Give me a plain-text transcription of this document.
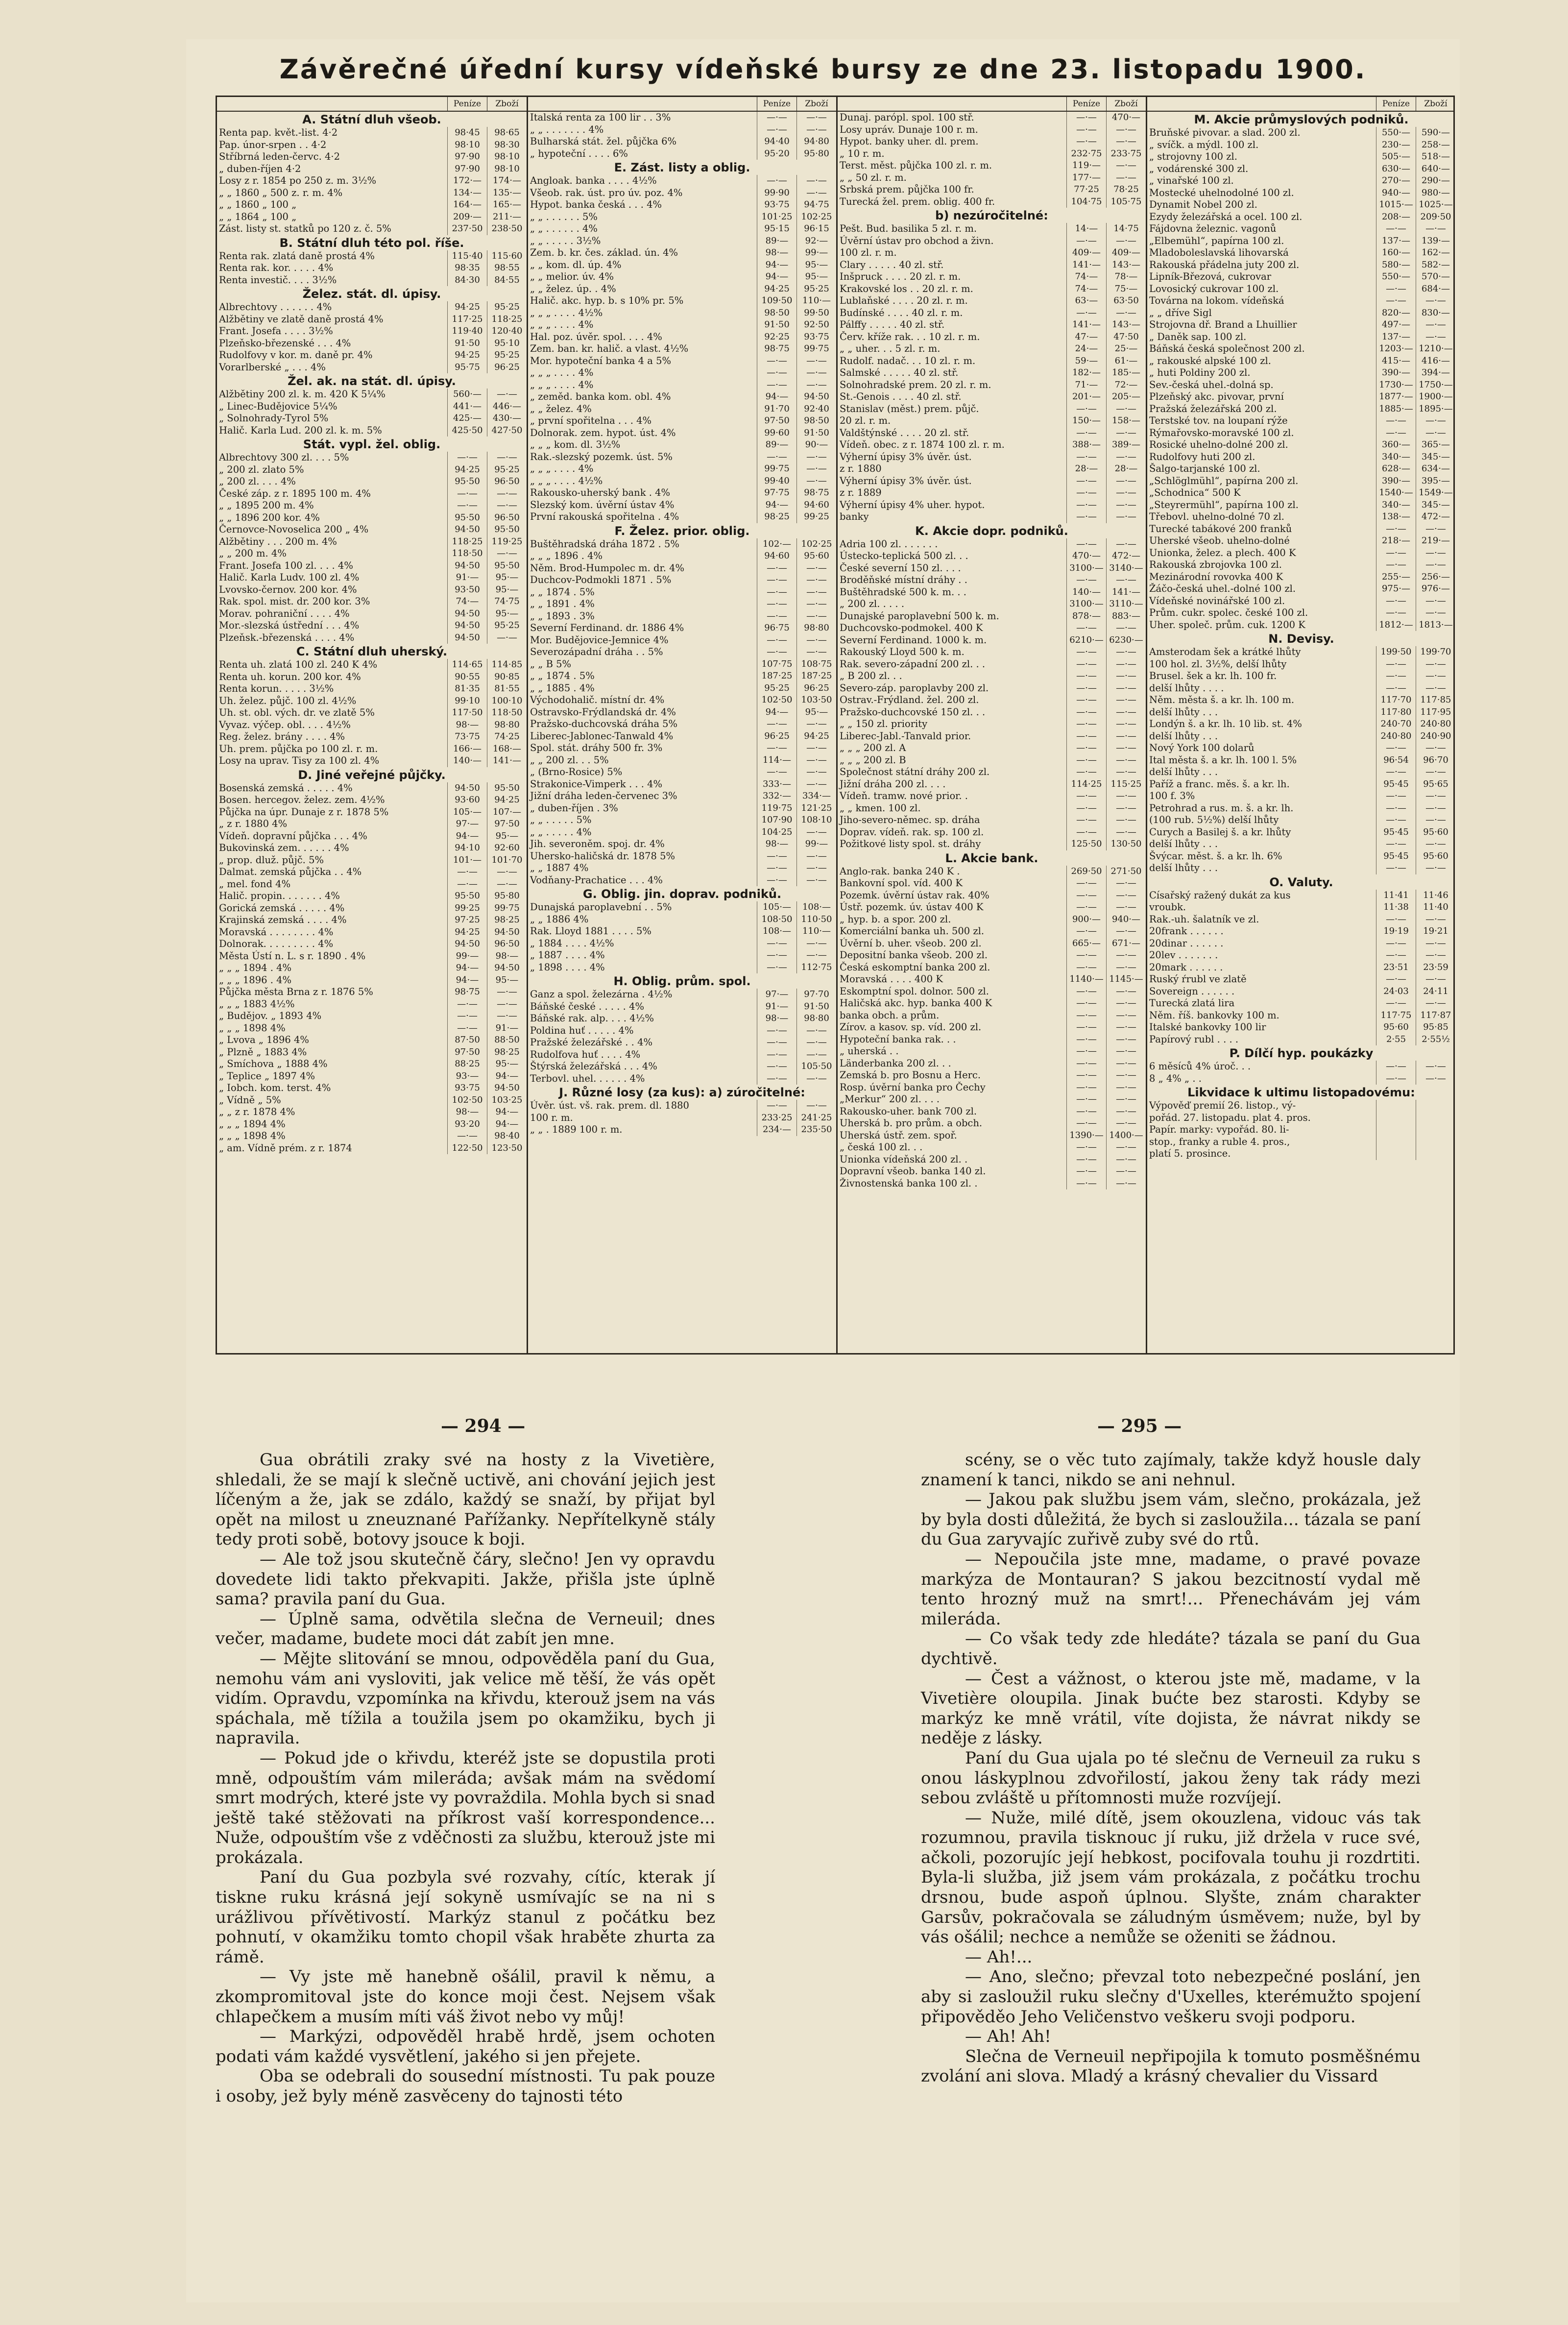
Závěrečné úřední kursy vídeňské bursy ze dne 23. listopadu 1900.
Peníze	Zboží
A. Státní dluh všeob.
Renta pap. květ.-list. 4·2	98·45	98·65
Pap. únor-srpen . . 4·2	98·10	98·30
Stříbrná leden-červc. 4·2	97·90	98·10
„ duben-říjen 4·2	97·90	98·10
Losy z r. 1854 po 250 z. m. 3½%	172·—	174·—
„ „ 1860 „ 500 z. r. m. 4%	134·—	135·—
„ „ 1860 „ 100 „	164·—	165·—
„ „ 1864 „ 100 „	209·—	211·—
Zást. listy st. statků po 120 z. č. 5%	237·50	238·50
B. Státní dluh této pol. říše.
Renta rak. zlatá daně prostá 4%	115·40	115·60
Renta rak. kor. . . . . 4%	98·35	98·55
Renta investič. . . . 3½%	84·30	84·55
Želez. stát. dl. úpisy.
Albrechtovy . . . . . . 4%	94·25	95·25
Alžbětiny ve zlatě daně prostá 4%	117·25	118·25
Frant. Josefa . . . . 3½%	119·40	120·40
Plzeňsko-březenské . . . 4%	91·50	95·10
Rudolfovy v kor. m. daně pr. 4%	94·25	95·25
Vorarlberské „ . . . 4%	95·75	96·25
Žel. ak. na stát. dl. úpisy.
Alžbětiny 200 zl. k. m. 420 K 5¼%	560·—	—·—
„ Linec-Budějovice 5¼%	441·—	446·—
„ Solnohrady-Tyrol 5%	425·—	430·—
Halič. Karla Lud. 200 zl. k. m. 5%	425·50	427·50
Stát. vypl. žel. oblig.
Albrechtovy 300 zl. . . . 5%	—·—	—·—
„ 200 zl. zlato 5%	94·25	95·25
„ 200 zl. . . . 4%	95·50	96·50
České záp. z r. 1895 100 m. 4%	—·—	—·—
„ „ 1895 200 m. 4%	—·—	—·—
„ „ 1896 200 kor. 4%	95·50	96·50
Černovce-Novoselica 200 „ 4%	94·50	95·50
Alžbětiny . . . 200 m. 4%	118·25	119·25
„ „ 200 m. 4%	118·50	—·—
Frant. Josefa 100 zl. . . . 4%	94·50	95·50
Halič. Karla Ludv. 100 zl. 4%	91·—	95·—
Lvovsko-černov. 200 kor. 4%	93·50	95·—
Rak. spol. mist. dr. 200 kor. 3%	74·—	74·75
Morav. pohraniční . . . . 4%	94·50	95·—
Mor.-slezská ústřední . . . 4%	94·50	95·25
Plzeňsk.-březenská . . . . 4%	94·50	—·—
C. Státní dluh uherský.
Renta uh. zlatá 100 zl. 240 K 4%	114·65	114·85
Renta uh. korun. 200 kor. 4%	90·55	90·85
Renta korun. . . . . 3½%	81·35	81·55
Uh. želez. půjč. 100 zl. 4½%	99·10	100·10
Uh. st. obl. vých. dr. ve zlatě 5%	117·50	118·50
Vyvaz. výčep. obl. . . . 4½%	98·—	98·80
Reg. želez. brány . . . . 4%	73·75	74·25
Uh. prem. půjčka po 100 zl. r. m.	166·—	168·—
Losy na uprav. Tisy za 100 zl. 4%	140·—	141·—
D. Jiné veřejné půjčky.
Bosenská zemská . . . . . 4%	94·50	95·50
Bosen. hercegov. želez. zem. 4½%	93·60	94·25
Půjčka na úpr. Dunaje z r. 1878 5%	105·—	107·—
„ z r. 1880 4%	97·—	97·50
Vídeň. dopravní půjčka . . . 4%	94·—	95·—
Bukovinská zem. . . . . . 4%	94·10	92·60
„ prop. dluž. půjč. 5%	101·—	101·70
Dalmat. zemská půjčka . . 4%	—·—	—·—
„ mel. fond 4%	—·—	—·—
Halič. propin. . . . . . . 4%	95·50	95·80
Gorická zemská . . . . . 4%	99·25	99·75
Krajinská zemská . . . . 4%	97·25	98·25
Moravská . . . . . . . . 4%	94·25	94·50
Dolnorak. . . . . . . . . 4%	94·50	96·50
Města Ústí n. L. s r. 1890 . 4%	99·—	98·—
„ „ „ 1894 . 4%	94·—	94·50
„ „ „ 1896 . 4%	94·—	95·—
Půjčka města Brna z r. 1876 5%	98·75	—·—
„ „ „ 1883 4½%	—·—	—·—
„ Budějov. „ 1893 4%	—·—	—·—
„ „ „ 1898 4%	—·—	91·—
„ Lvova „ 1896 4%	87·50	88·50
„ Plzně „ 1883 4%	97·50	98·25
„ Smíchova „ 1888 4%	88·25	95·—
„ Teplice „ 1897 4%	93·—	94·—
„ Iobch. kom. terst. 4%	93·75	94·50
„ Vídně „ 5%	102·50	103·25
„ „ z r. 1878 4%	98·—	94·—
„ „ „ 1894 4%	93·20	94·—
„ „ „ 1898 4%	—·—	98·40
„ am. Vídně prém. z r. 1874	122·50	123·50
Peníze	Zboží
Italská renta za 100 lir . . 3%	—·—	—·—
„ „ . . . . . . . 4%	—·—	—·—
Bulharská stát. žel. půjčka 6%	94·40	94·80
„ hypoteční . . . . 6%	95·20	95·80
E. Zást. listy a oblig.
Angloak. banka . . . . 4½%	—·—	—·—
Všeob. rak. úst. pro úv. poz. 4%	99·90	—·—
Hypot. banka česká . . . 4%	93·75	94·75
„ „ . . . . . . 5%	101·25	102·25
„ „ . . . . . . 4%	95·15	96·15
„ „ . . . . . 3½%	89·—	92·—
Zem. b. kr. čes. základ. ún. 4%	98·—	99·—
„ „ kom. dl. úp. 4%	94·—	95·—
„ „ melior. úv. 4%	94·—	95·—
„ „ želez. úp. . 4%	94·25	95·25
Halič. akc. hyp. b. s 10% pr. 5%	109·50	110·—
„ „ „ . . . . 4½%	98·50	99·50
„ „ „ . . . . 4%	91·50	92·50
Hal. poz. úvěr. spol. . . . 4%	92·25	93·75
Zem. ban. kr. halič. a vlast. 4½%	98·75	99·75
Mor. hypoteční banka 4 a 5%	—·—	—·—
„ „ „ . . . . 4%	—·—	—·—
„ „ „ . . . . 4%	—·—	—·—
„ zeměd. banka kom. obl. 4%	94·—	94·50
„ „ želez. 4%	91·70	92·40
„ první spořitelna . . . 4%	97·50	98·50
Dolnorak. zem. hypot. úst. 4%	99·60	91·50
„ „ „ kom. dl. 3½%	89·—	90·—
Rak.-slezský pozemk. úst. 5%	—·—	—·—
„ „ „ . . . . 4%	99·75	—·—
„ „ „ . . . . 4½%	99·40	—·—
Rakousko-uherský bank . 4%	97·75	98·75
Slezský kom. úvěrní ústav 4%	94·—	94·60
První rakouská spořitelna . 4%	98·25	99·25
F. Želez. prior. oblig.
Buštěhradská dráha 1872 . 5%	102·—	102·25
„ „ „ 1896 . 4%	94·60	95·60
Něm. Brod-Humpolec m. dr. 4%	—·—	—·—
Duchcov-Podmokli 1871 . 5%	—·—	—·—
„ „ 1874 . 5%	—·—	—·—
„ „ 1891 . 4%	—·—	—·—
„ „ 1893 . 3%	—·—	—·—
Severní Ferdinand. dr. 1886 4%	96·75	98·80
Mor. Budějovice-Jemnice 4%	—·—	—·—
Severozápadní dráha . . 5%	—·—	—·—
„ „ B 5%	107·75	108·75
„ „ 1874 . 5%	187·25	187·25
„ „ 1885 . 4%	95·25	96·25
Východohalič. místní dr. 4%	102·50	103·50
Ostravsko-Frýdlandská dr. 4%	94·—	95·—
Pražsko-duchcovská dráha 5%	—·—	—·—
Liberec-Jablonec-Tanwald 4%	96·25	94·25
Spol. stát. dráhy 500 fr. 3%	—·—	—·—
„ „ 200 zl. . . 5%	114·—	—·—
„ (Brno-Rosice) 5%	—·—	—·—
Strakonice-Vimperk . . . 4%	333·—	—·—
Jižní dráha leden-červenec 3%	332·—	334·—
„ duben-říjen . 3%	119·75	121·25
„ „ . . . . . 5%	107·90	108·10
„ „ . . . . . 4%	104·25	—·—
Jih. severoněm. spoj. dr. 4%	98·—	99·—
Uhersko-haličská dr. 1878 5%	—·—	—·—
„ „ 1887 4%	—·—	—·—
Vodňany-Prachatice . . . 4%	—·—	—·—
G. Oblig. jin. doprav. podniků.
Dunajská paroplavební . . 5%	105·—	108·—
„ „ 1886 4%	108·50	110·50
Rak. Lloyd 1881 . . . . 5%	108·—	110·—
„ 1884 . . . . 4½%	—·—	—·—
„ 1887 . . . . 4%	—·—	—·—
„ 1898 . . . . 4%	—·—	112·75
H. Oblig. prům. spol.
Ganz a spol. železárna . 4½%	97·—	97·70
Báňské české . . . . . 4%	91·—	91·50
Báňské rak. alp. . . . 4½%	98·—	98·80
Poldina huť . . . . . 4%	—·—	—·—
Pražské železářské . . 4%	—·—	—·—
Rudolfova huť . . . . 4%	—·—	—·—
Štýrská železářská . . . 4%	—·—	105·50
Terbovl. uhel. . . . . . 4%	—·—	—·—
J. Různé losy (za kus): a) zúročitelné:
Úvěr. úst. vš. rak. prem. dl. 1880	—·—	—·—
100 r. m.	233·25	241·25
„ „ . 1889 100 r. m.	234·—	235·50
Peníze	Zboží
Dunaj. parópl. spol. 100 stř.	—·—	470·—
Losy upráv. Dunaje 100 r. m.	—·—	—·—
Hypot. banky uher. dl. prem.	—·—	—·—
„ 10 r. m.	232·75	233·75
Terst. měst. půjčka 100 zl. r. m.	119·—	—·—
„ „ 50 zl. r. m.	177·—	—·—
Srbská prem. půjčka 100 fr.	77·25	78·25
Turecká žel. prem. oblig. 400 fr.	104·75	105·75
b) nezúročitelné:
Pešt. Bud. basilika 5 zl. r. m.	14·—	14·75
Úvěrní ústav pro obchod a živn.	—·—	—·—
100 zl. r. m.	409·—	409·—
Clary . . . . . 40 zl. stř.	141·—	143·—
Inšpruck . . . . 20 zl. r. m.	74·—	78·—
Krakovské los . . 20 zl. r. m.	74·—	75·—
Lublaňské . . . . 20 zl. r. m.	63·—	63·50
Budínské . . . . 40 zl. r. m.	—·—	—·—
Pálffy . . . . . 40 zl. stř.	141·—	143·—
Červ. kříže rak. . . 10 zl. r. m.	47·—	47·50
„ „ uher. . . 5 zl. r. m.	24·—	25·—
Rudolf. nadač. . . 10 zl. r. m.	59·—	61·—
Salmské . . . . . 40 zl. stř.	182·—	185·—
Solnohradské prem. 20 zl. r. m.	71·—	72·—
St.-Genois . . . . 40 zl. stř.	201·—	205·—
Stanislav (měst.) prem. půjč.	—·—	—·—
20 zl. r. m.	150·—	158·—
Valdštýnské . . . . 20 zl. stř.	—·—	—·—
Vídeň. obec. z r. 1874 100 zl. r. m.	388·—	389·—
Výherní úpisy 3% úvěr. úst.	—·—	—·—
z r. 1880	28·—	28·—
Výherní úpisy 3% úvěr. úst.	—·—	—·—
z r. 1889	—·—	—·—
Výherní úpisy 4% uher. hypot.	—·—	—·—
banky	—·—	—·—
K. Akcie dopr. podniků.
Adria 100 zl. . . . . . .	—·—	—·—
Ústecko-teplická 500 zl. . .	470·—	472·—
České severní 150 zl. . . .	3100·— 3140·—
Broděňské místní dráhy . .	—·—	—·—
Buštěhradské 500 k. m. . .	140·—	141·—
„ 200 zl. . . . .	3100·— 3110·—
Dunajské paroplavební 500 k. m.	878·—	883·—
Duchcovsko-podmokel. 400 K	—·—	—·—
Severní Ferdinand. 1000 k. m.	6210·— 6230·—
Rakouský Lloyd 500 k. m.	—·—	—·—
Rak. severo-západní 200 zl. . .	—·—	—·—
„ B 200 zl. . .	—·—	—·—
Severo-záp. paroplavby 200 zl.	—·—	—·—
Ostrav.-Frýdland. žel. 200 zl.	—·—	—·—
Pražsko-duchcovské 150 zl. . .	—·—	—·—
„ „ 150 zl. priority	—·—	—·—
Liberec-Jabl.-Tanvald prior.	—·—	—·—
„ „ „ 200 zl. A	—·—	—·—
„ „ „ 200 zl. B	—·—	—·—
Společnost státní dráhy 200 zl.	—·—	—·—
Jižní dráha 200 zl. . . .	114·25	115·25
Vídeň. tramw. nové prior. .	—·—	—·—
„ „ kmen. 100 zl.	—·—	—·—
Jiho-severo-němec. sp. dráha	—·—	—·—
Doprav. vídeň. rak. sp. 100 zl.	—·—	—·—
Požitkové listy spol. st. dráhy	125·50	130·50
L. Akcie bank.
Anglo-rak. banka 240 K .	269·50	271·50
Bankovní spol. víd. 400 K	—·—	—·—
Pozemk. úvěrní ústav rak. 40%	—·—	—·—
Ústř. pozemk. úv. ústav 400 K	—·—	—·—
„ hyp. b. a spor. 200 zl.	900·—	940·—
Komerciální banka uh. 500 zl.	—·—	—·—
Úvěrní b. uher. všeob. 200 zl.	665·—	671·—
Depositní banka všeob. 200 zl.	—·—	—·—
Česká eskomptní banka 200 zl.	—·—	—·—
Moravská . . . . 400 K	1140·— 1145·—
Eskomptní spol. dolnor. 500 zl.	—·—	—·—
Haličská akc. hyp. banka 400 K	—·—	—·—
banka obch. a prům.	—·—	—·—
Zírov. a kasov. sp. víd. 200 zl.	—·—	—·—
Hypoteční banka rak. . .	—·—	—·—
„ uherská . .	—·—	—·—
Länderbanka 200 zl. . .	—·—	—·—
Zemská b. pro Bosnu a Herc.	—·—	—·—
Rosp. úvěrní banka pro Čechy	—·—	—·—
„Merkur“ 200 zl. . . .	—·—	—·—
Rakousko-uher. bank 700 zl.	—·—	—·—
Uherská b. pro prům. a obch.	—·—	—·—
Uherská ústř. zem. spoř.	1390·— 1400·—
„ česká 100 zl. . .	—·—	—·—
Unionka vídeňská 200 zl. .	—·—	—·—
Dopravní všeob. banka 140 zl.	—·—	—·—
Živnostenská banka 100 zl. .	—·—	—·—
Peníze	Zboží
M. Akcie průmyslových podniků.
Bruňské pivovar. a slad. 200 zl.	550·—	590·—
„ svíčk. a mýdl. 100 zl.	230·—	258·—
„ strojovny 100 zl.	505·—	518·—
„ vodárenské 300 zl.	630·—	640·—
„ vinařské 100 zl.	270·—	290·—
Mostecké uhelnodolné 100 zl.	940·—	980·—
Dynamit Nobel 200 zl.	1015·— 1025·—
Ezydy železářská a ocel. 100 zl.	208·—	209·50
Fájdovna železnic. vagonů	—·—	—·—
„Elbemühl“, papírna 100 zl.	137·—	139·—
Mladoboleslavská lihovarská	160·—	162·—
Rakouská přádelna juty 200 zl.	580·—	582·—
Lipník-Březová, cukrovar	550·—	570·—
Lovosický cukrovar 100 zl.	—·—	684·—
Továrna na lokom. vídeňská	—·—	—·—
„ „ dříve Sigl	820·—	830·—
Strojovna dř. Brand a Lhuillier	497·—	—·—
„ Daněk sap. 100 zl.	137·—	—·—
Báňská česká společnost 200 zl.	1203·— 1210·—
„ rakouské alpské 100 zl.	415·—	416·—
„ huti Poldiny 200 zl.	390·—	394·—
Sev.-česká uhel.-dolná sp.	1730·— 1750·—
Plzeňský akc. pivovar, první	1877·— 1900·—
Pražská železářská 200 zl.	1885·— 1895·—
Terstské tov. na loupaní rýže	—·—	—·—
Rýmařovsko-moravské 100 zl.	—·—	—·—
Rosické uhelno-dolné 200 zl.	360·—	365·—
Rudolfovy huti 200 zl.	340·—	345·—
Šalgo-tarjanské 100 zl.	628·—	634·—
„Schlöglmühl“, papírna 200 zl.	390·—	395·—
„Schodnica“ 500 K	1540·— 1549·—
„Steyrermühl“, papírna 100 zl.	340·—	345·—
Třebovl. uhelno-dolné 70 zl.	138·—	472·—
Turecké tabákové 200 franků	—·—	—·—
Uherské všeob. uhelno-dolné	218·—	219·—
Unionka, želez. a plech. 400 K	—·—	—·—
Rakouská zbrojovka 100 zl.	—·—	—·—
Mezinárodní rovovka 400 K	255·—	256·—
Žáčo-česká uhel.-dolné 100 zl.	975·—	976·—
Vídeňské novinářské 100 zl.	—·—	—·—
Prům. cukr. spolec. české 100 zl.	—·—	—·—
Uher. společ. prům. cuk. 1200 K	1812·— 1813·—
N. Devisy.
Amsterodam šek a krátké lhůty	199·50	199·70
100 hol. zl. 3½%, delší lhůty	—·—	—·—
Brusel. šek a kr. lh. 100 fr.	—·—	—·—
delší lhůty . . . .	—·—	—·—
Něm. města š. a kr. lh. 100 m.	117·70	117·85
delší lhůty . . .	117·80	117·95
Londýn š. a kr. lh. 10 lib. st. 4%	240·70	240·80
delší lhůty . . .	240·80	240·90
Nový York 100 dolarů	—·—	—·—
Ital města š. a kr. lh. 100 l. 5%	96·54	96·70
delší lhůty . . .	—·—	—·—
Paříž a franc. měs. š. a kr. lh.	95·45	95·65
100 f. 3%	—·—	—·—
Petrohrad a rus. m. š. a kr. lh.	—·—	—·—
(100 rub. 5½%) delší lhůty	—·—	—·—
Curych a Basilej š. a kr. lhůty	95·45	95·60
delší lhůty . . .	—·—	—·—
Švýcar. měst. š. a kr. lh. 6%	95·45	95·60
delší lhůty . . .	—·—	—·—
O. Valuty.
Císařský ražený dukát za kus	11·41	11·46
vroubk.	11·38	11·40
Rak.-uh. šalatník ve zl.	—·—	—·—
20frank . . . . . .	19·19	19·21
20dinar . . . . . .	—·—	—·—
20lev . . . . . . .	—·—	—·—
20mark . . . . . .	23·51	23·59
Ruský ŕrubl ve zlatě	—·—	—·—
Sovereign . . . . . .	24·03	24·11
Turecká zlatá lira	—·—	—·—
Něm. říš. bankovky 100 m.	117·75	117·87
Italské bankovky 100 lir	95·60	95·85
Papírový rubl . . . .	2·55	2·55½
P. Dílčí hyp. poukázky
6 měsíců 4% úroč. . .	—·—	—·—
8 „ 4% „ . .	—·—	—·—
Likvidace k ultimu listopadovému:
Výpověď premií 26. listop., vý-
pořád. 27. listopadu. plat 4. pros.
Papír. marky: vypořád. 80. li-
stop., franky a ruble 4. pros.,
platí 5. prosince.
— 294 —	— 295 —

Gua obrátili zraky své na hosty z la Vivetière, shledali, že se mají k slečně uctivě, ani chování jejich jest líčeným a že, jak se zdálo, každý se snaží, by přijat byl opět na milost u zneuznané Pařížanky. Nepřítelkyně stály tedy proti sobě, botovy jsouce k boji.

— Ale tož jsou skutečně čáry, slečno! Jen vy opravdu dovedete lidi takto překvapiti. Jakže, přišla jste úplně sama? pravila paní du Gua.

— Úplně sama, odvětila slečna de Verneuil; dnes večer, madame, budete moci dát zabít jen mne.

— Mějte slitování se mnou, odpověděla paní du Gua, nemohu vám ani vysloviti, jak velice mě těší, že vás opět vidím. Opravdu, vzpomínka na křivdu, kterouž jsem na vás spáchala, mě tížila a toužila jsem po okamžiku, bych ji napravila.

— Pokud jde o křivdu, kteréž jste se dopustila proti mně, odpouštím vám mileráda; avšak mám na svědomí smrt modrých, které jste vy povraždila. Mohla bych si snad ještě také stěžovati na příkrost vaší korrespondence... Nuže, odpouštím vše z vděčnosti za službu, kterouž jste mi prokázala.

Paní du Gua pozbyla své rozvahy, cítíc, kterak jí tiskne ruku krásná její sokyně usmívajíc se na ni s urážlivou přívětivostí. Markýz stanul z počátku bez pohnutí, v okamžiku tomto chopil však hraběte zhurta za rámě.

— Vy jste mě hanebně ošálil, pravil k němu, a zkompromitoval jste do konce moji čest. Nejsem však chlapečkem a musím míti váš život nebo vy můj!

— Markýzi, odpověděl hrabě hrdě, jsem ochoten podati vám každé vysvětlení, jakého si jen přejete.

Oba se odebrali do sousední místnosti. Tu pak pouze i osoby, jež byly méně zasvěceny do tajnosti této

scény, se o věc tuto zajímaly, takže když housle daly znamení k tanci, nikdo se ani nehnul.

— Jakou pak službu jsem vám, slečno, prokázala, jež by byla dosti důležitá, že bych si zasloužila... tázala se paní du Gua zaryvajíc zuřivě zuby své do rtů.

— Nepoučila jste mne, madame, o pravé povaze markýza de Montauran? S jakou bezcitností vydal mě tento hrozný muž na smrt!... Přenechávám jej vám mileráda.

— Co však tedy zde hledáte? tázala se paní du Gua dychtivě.

— Čest a vážnost, o kterou jste mě, madame, v la Vivetière oloupila. Jinak bućte bez starosti. Kdyby se markýz ke mně vrátil, víte dojista, že návrat nikdy se neděje z lásky.

Paní du Gua ujala po té slečnu de Verneuil za ruku s onou láskyplnou zdvořilostí, jakou ženy tak rády mezi sebou zvláště u přítomnosti muže rozvíjejí.

— Nuže, milé dítě, jsem okouzlena, vidouc vás tak rozumnou, pravila tisknouc jí ruku, již držela v ruce své, ačkoli, pozorujíc její hebkost, pocifovala touhu ji rozdrtiti. Byla-li služba, již jsem vám prokázala, z počátku trochu drsnou, bude aspoň úplnou. Slyšte, znám charakter Garsův, pokračovala se záludným úsměvem; nuže, byl by vás ošálil; nechce a nemůže se oženiti se žádnou.

— Ah!...

— Ano, slečno; převzal toto nebezpečné poslání, jen aby si zasloužil ruku slečny d'Uxelles, kterémužto spojení připověděo Jeho Veličenstvo veškeru svoji podporu.

— Ah! Ah!

Slečna de Verneuil nepřipojila k tomuto posměšnému zvolání ani slova. Mladý a krásný chevalier du Vissard
